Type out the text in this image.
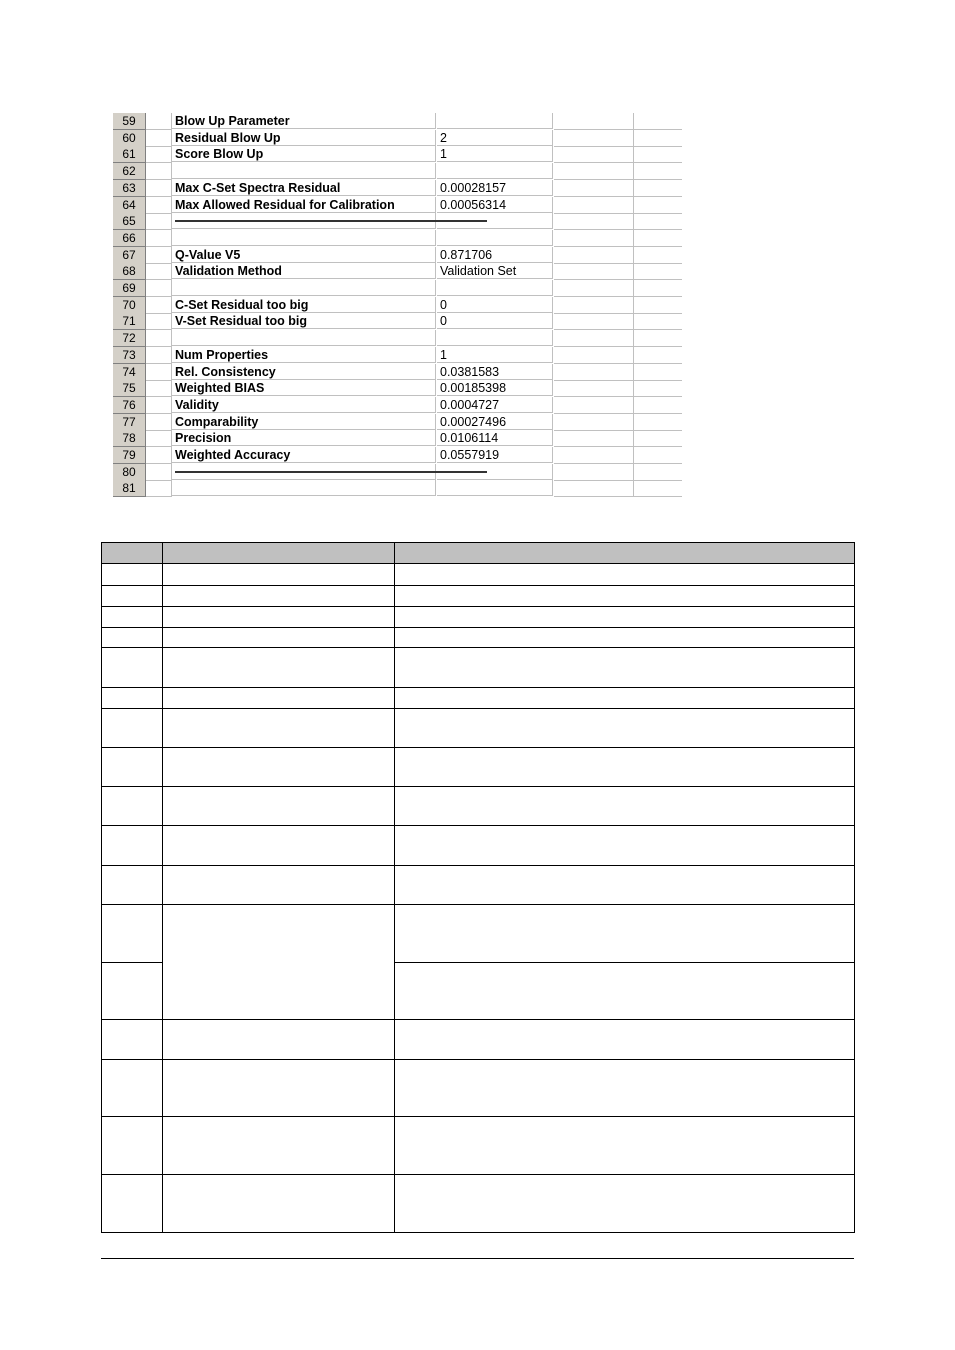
59	Blow Up Parameter
60	Residual Blow Up	2
61	Score Blow Up	1
62
63	Max C-Set Spectra Residual	0.00028157
64	Max Allowed Residual for Calibration	0.00056314
65
66
67	Q-Value V5	0.871706
68	Validation Method	Validation Set
69
70	C-Set Residual too big	0
71	V-Set Residual too big	0
72
73	Num Properties	1
74	Rel. Consistency	0.0381583
75	Weighted BIAS	0.00185398
76	Validity	0.0004727
77	Comparability	0.00027496
78	Precision	0.0106114
79	Weighted Accuracy	0.0557919
80
81
